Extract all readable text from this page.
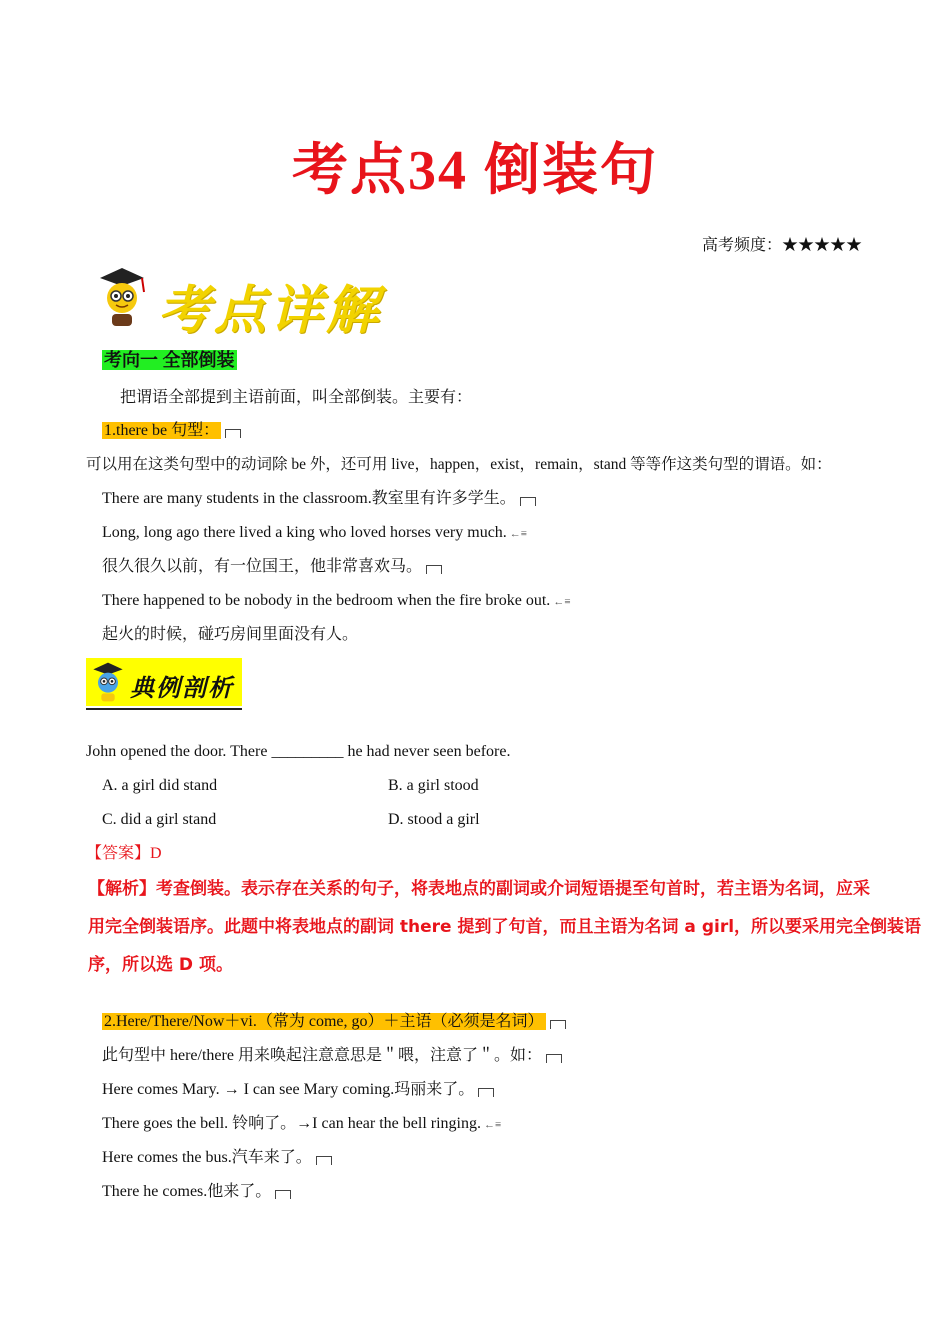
考点34 倒装句
高考频度：★★★★★
考点详解
考向一 全部倒装
把谓语全部提到主语前面，叫全部倒装。主要有：
1.there be 句型：
可以用在这类句型中的动词除 be 外，还可用 live，happen，exist，remain，stand 等等作这类句型的谓语。如：
There are many students in the classroom.教室里有许多学生。
Long, long ago there lived a king who loved horses very much. ←≡
很久很久以前，有一位国王，他非常喜欢马。
There happened to be nobody in the bedroom when the fire broke out. ←≡
起火的时候，碰巧房间里面没有人。
典例剖析
John opened the door. There _________ he had never seen before.
A. a girl did stand	B. a girl stood
C. did a girl stand	D. stood a girl
【答案】D
【解析】考查倒装。表示存在关系的句子，将表地点的副词或介词短语提至句首时，若主语为名词，应采
用完全倒装语序。此题中将表地点的副词 there 提到了句首，而且主语为名词 a girl，所以要采用完全倒装语
序，所以选 D 项。
2.Here/There/Now＋vi.（常为 come, go）＋主语（必须是名词）
此句型中 here/there 用来唤起注意意思是＂喂，注意了＂。如：
Here comes Mary. → I can see Mary coming.玛丽来了。
There goes the bell. 铃响了。→I can hear the bell ringing. ←≡
Here comes the bus.汽车来了。
There he comes.他来了。
